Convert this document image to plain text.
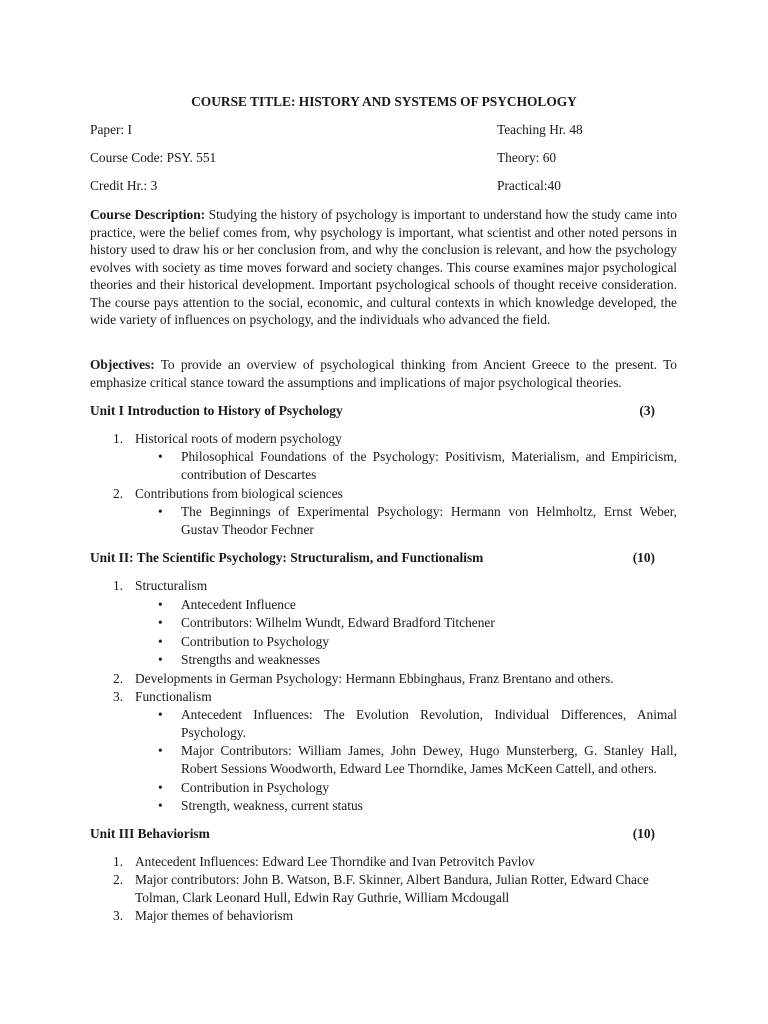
COURSE TITLE: HISTORY AND SYSTEMS OF PSYCHOLOGY
Paper: I	Teaching Hr. 48
Course Code: PSY. 551	Theory: 60
Credit Hr.: 3	Practical:40
Course Description: Studying the history of psychology is important to understand how the study came into practice, were the belief comes from, why psychology is important, what scientist and other noted persons in history used to draw his or her conclusion from, and why the conclusion is relevant, and how the psychology evolves with society as time moves forward and society changes. This course examines major psychological theories and their historical development. Important psychological schools of thought receive consideration. The course pays attention to the social, economic, and cultural contexts in which knowledge developed, the wide variety of influences on psychology, and the individuals who advanced the field.
Objectives: To provide an overview of psychological thinking from Ancient Greece to the present. To emphasize critical stance toward the assumptions and implications of major psychological theories.
Unit I Introduction to History of Psychology	(3)
1. Historical roots of modern psychology
• Philosophical Foundations of the Psychology: Positivism, Materialism, and Empiricism, contribution of Descartes
2. Contributions from biological sciences
• The Beginnings of Experimental Psychology: Hermann von Helmholtz, Ernst Weber, Gustav Theodor Fechner
Unit II: The Scientific Psychology: Structuralism, and Functionalism	(10)
1. Structuralism
• Antecedent Influence
• Contributors: Wilhelm Wundt, Edward Bradford Titchener
• Contribution to Psychology
• Strengths and weaknesses
2. Developments in German Psychology: Hermann Ebbinghaus, Franz Brentano and others.
3. Functionalism
• Antecedent Influences: The Evolution Revolution, Individual Differences, Animal Psychology.
• Major Contributors: William James, John Dewey, Hugo Munsterberg, G. Stanley Hall, Robert Sessions Woodworth, Edward Lee Thorndike, James McKeen Cattell, and others.
• Contribution in Psychology
• Strength, weakness, current status
Unit III Behaviorism	(10)
1. Antecedent Influences: Edward Lee Thorndike and Ivan Petrovitch Pavlov
2. Major contributors: John B. Watson, B.F. Skinner, Albert Bandura, Julian Rotter, Edward Chace Tolman, Clark Leonard Hull, Edwin Ray Guthrie, William Mcdougall
3. Major themes of behaviorism
